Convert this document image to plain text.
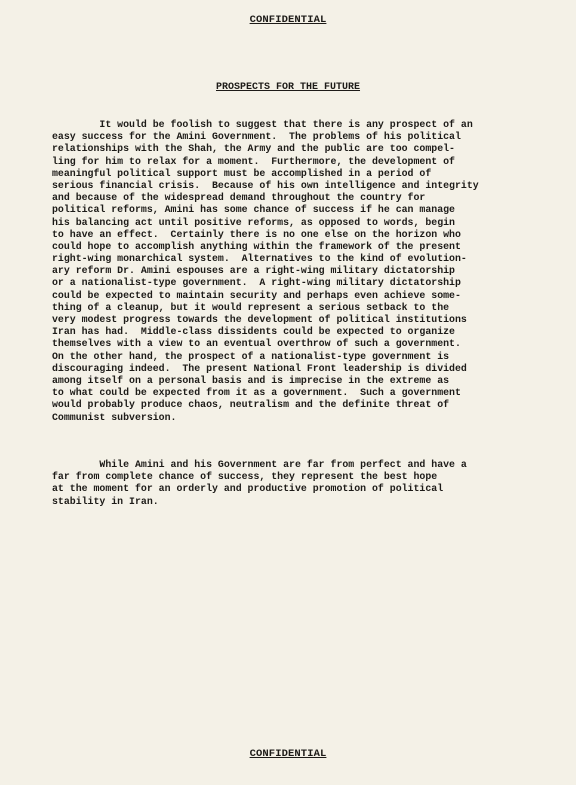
CONFIDENTIAL
PROSPECTS FOR THE FUTURE
It would be foolish to suggest that there is any prospect of an
easy success for the Amini Government.  The problems of his political
relationships with the Shah, the Army and the public are too compel-
ling for him to relax for a moment.  Furthermore, the development of
meaningful political support must be accomplished in a period of
serious financial crisis.  Because of his own intelligence and integrity
and because of the widespread demand throughout the country for
political reforms, Amini has some chance of success if he can manage
his balancing act until positive reforms, as opposed to words, begin
to have an effect.  Certainly there is no one else on the horizon who
could hope to accomplish anything within the framework of the present
right-wing monarchical system.  Alternatives to the kind of evolution-
ary reform Dr. Amini espouses are a right-wing military dictatorship
or a nationalist-type government.  A right-wing military dictatorship
could be expected to maintain security and perhaps even achieve some-
thing of a cleanup, but it would represent a serious setback to the
very modest progress towards the development of political institutions
Iran has had.  Middle-class dissidents could be expected to organize
themselves with a view to an eventual overthrow of such a government.
On the other hand, the prospect of a nationalist-type government is
discouraging indeed.  The present National Front leadership is divided
among itself on a personal basis and is imprecise in the extreme as
to what could be expected from it as a government.  Such a government
would probably produce chaos, neutralism and the definite threat of
Communist subversion.
While Amini and his Government are far from perfect and have a
far from complete chance of success, they represent the best hope
at the moment for an orderly and productive promotion of political
stability in Iran.
CONFIDENTIAL
